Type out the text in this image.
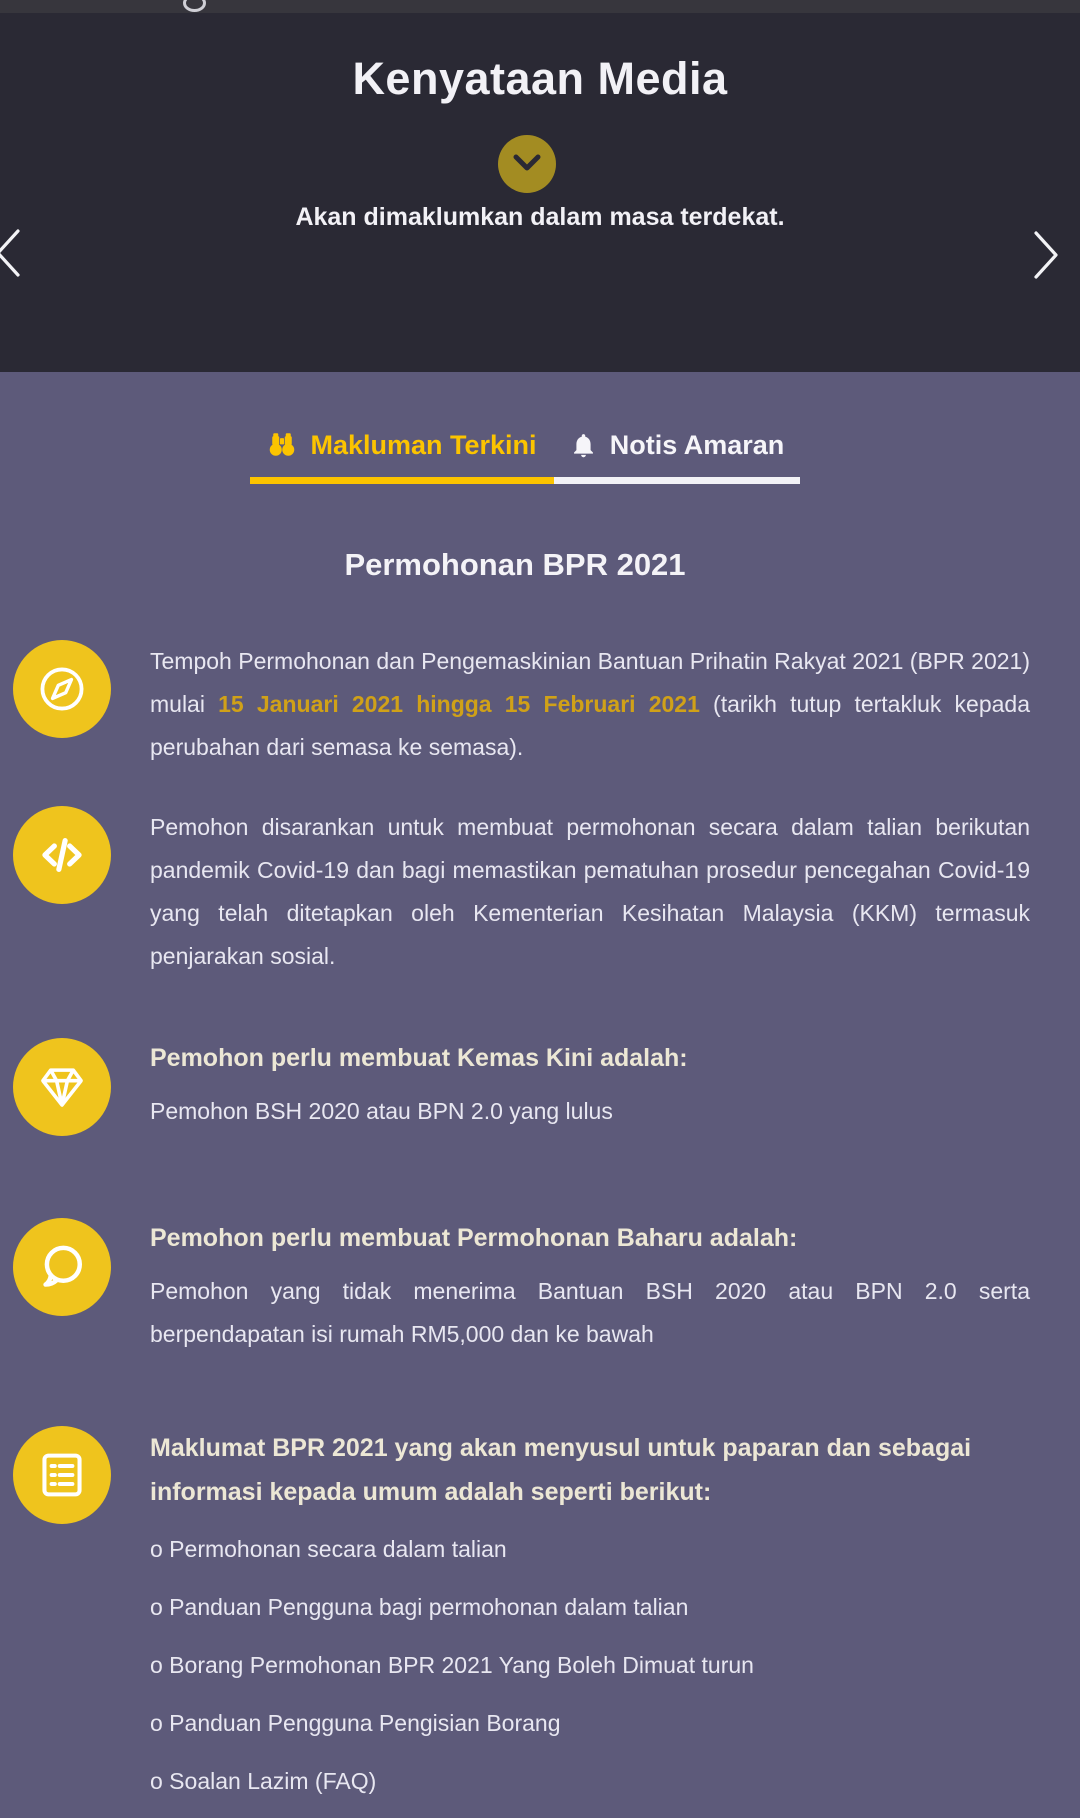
Kenyataan Media

Akan dimaklumkan dalam masa terdekat.

Makluman Terkini	Notis Amaran
Permohonan BPR 2021

Tempoh Permohonan dan Pengemaskinian Bantuan Prihatin Rakyat 2021 (BPR 2021) mulai 15 Januari 2021 hingga 15 Februari 2021 (tarikh tutup tertakluk kepada perubahan dari semasa ke semasa).

Pemohon disarankan untuk membuat permohonan secara dalam talian berikutan pandemik Covid-19 dan bagi memastikan pematuhan prosedur pencegahan Covid-19 yang telah ditetapkan oleh Kementerian Kesihatan Malaysia (KKM) termasuk penjarakan sosial.

Pemohon perlu membuat Kemas Kini adalah:

Pemohon BSH 2020 atau BPN 2.0 yang lulus

Pemohon perlu membuat Permohonan Baharu adalah:

Pemohon yang tidak menerima Bantuan BSH 2020 atau BPN 2.0 serta berpendapatan isi rumah RM5,000 dan ke bawah

Maklumat BPR 2021 yang akan menyusul untuk paparan dan sebagai informasi kepada umum adalah seperti berikut:

o Permohonan secara dalam talian

o Panduan Pengguna bagi permohonan dalam talian

o Borang Permohonan BPR 2021 Yang Boleh Dimuat turun

o Panduan Pengguna Pengisian Borang

o Soalan Lazim (FAQ)
